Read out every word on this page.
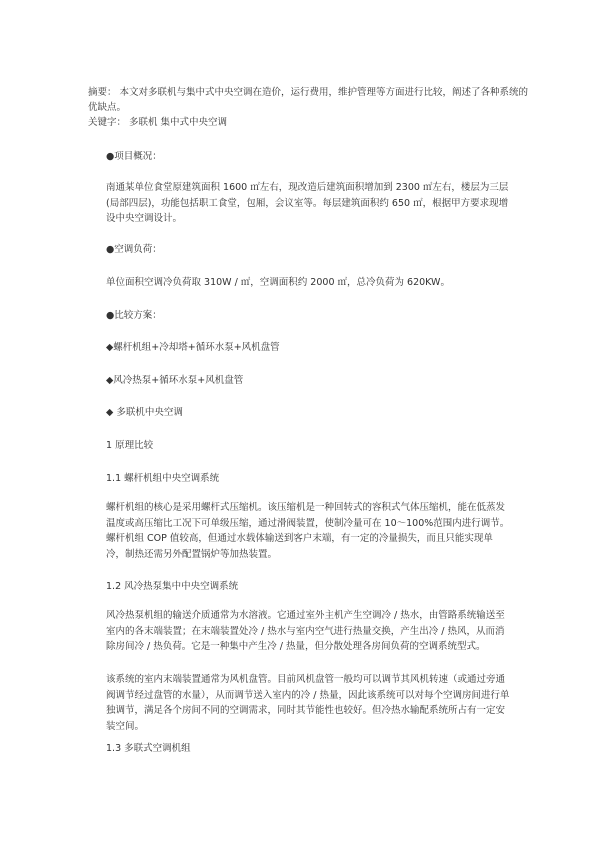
摘要： 本文对多联机与集中式中央空调在造价，运行费用，维护管理等方面进行比较，阐述了各种系统的
优缺点。
关键字： 多联机 集中式中央空调
●项目概况：
南通某单位食堂原建筑面积 1600 ㎡左右，现改造后建筑面积增加到 2300 ㎡左右，楼层为三层(局部四层)，功能包括职工食堂，包厢，会议室等。每层建筑面积约 650 ㎡，根据甲方要求现增设中央空调设计。
●空调负荷：
单位面积空调冷负荷取 310W / ㎡，空调面积约 2000 ㎡，总冷负荷为 620KW。
●比较方案：
◆螺杆机组+冷却塔+循环水泵+风机盘管
◆风冷热泵+循环水泵+风机盘管
◆ 多联机中央空调
1 原理比较
1.1 螺杆机组中央空调系统
螺杆机组的核心是采用螺杆式压缩机。该压缩机是一种回转式的容积式气体压缩机，能在低蒸发温度或高压缩比工况下可单级压缩，通过滑阀装置，使制冷量可在 10～100%范围内进行调节。螺杆机组 COP 值较高，但通过水载体输送到客户末端，有一定的冷量损失，而且只能实现单冷，制热还需另外配置锅炉等加热装置。
1.2 风冷热泵集中中央空调系统
风冷热泵机组的输送介质通常为水溶液。它通过室外主机产生空调冷 / 热水，由管路系统输送至室内的各末端装置；在末端装置处冷 / 热水与室内空气进行热量交换，产生出冷 / 热风，从而消除房间冷 / 热负荷。它是一种集中产生冷 / 热量，但分散处理各房间负荷的空调系统型式。
该系统的室内末端装置通常为风机盘管。目前风机盘管一般均可以调节其风机转速（或通过旁通阀调节经过盘管的水量），从而调节送入室内的冷 / 热量，因此该系统可以对每个空调房间进行单独调节，满足各个房间不同的空调需求，同时其节能性也较好。但冷热水输配系统所占有一定安装空间。
1.3 多联式空调机组
